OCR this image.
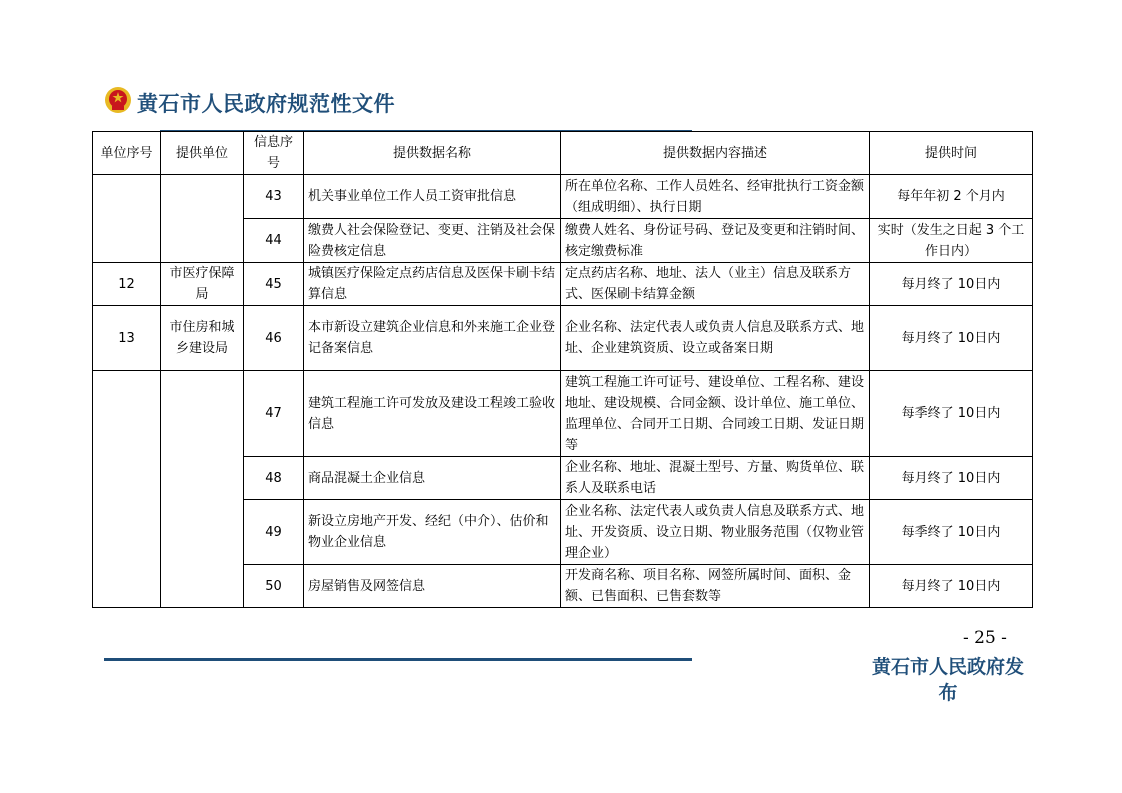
黄石市人民政府规范性文件
单位序号	提供单位	信息序号	提供数据名称	提供数据内容描述	提供时间
		43	机关事业单位工作人员工资审批信息	所在单位名称、工作人员姓名、经审批执行工资金额（组成明细）、执行日期	每年年初 2 个月内
		44	缴费人社会保险登记、变更、注销及社会保险费核定信息	缴费人姓名、身份证号码、登记及变更和注销时间、核定缴费标准	实时（发生之日起 3 个工作日内）
12	市医疗保障局	45	城镇医疗保险定点药店信息及医保卡刷卡结算信息	定点药店名称、地址、法人（业主）信息及联系方式、医保刷卡结算金额	每月终了 10日内
13	市住房和城乡建设局	46	本市新设立建筑企业信息和外来施工企业登记备案信息	企业名称、法定代表人或负责人信息及联系方式、地址、企业建筑资质、设立或备案日期	每月终了 10日内
		47	建筑工程施工许可发放及建设工程竣工验收信息	建筑工程施工许可证号、建设单位、工程名称、建设地址、建设规模、合同金额、设计单位、施工单位、监理单位、合同开工日期、合同竣工日期、发证日期等	每季终了 10日内
		48	商品混凝土企业信息	企业名称、地址、混凝土型号、方量、购货单位、联系人及联系电话	每月终了 10日内
		49	新设立房地产开发、经纪（中介）、估价和物业企业信息	企业名称、法定代表人或负责人信息及联系方式、地址、开发资质、设立日期、物业服务范围（仅物业管理企业）	每季终了 10日内
		50	房屋销售及网签信息	开发商名称、项目名称、网签所属时间、面积、金额、已售面积、已售套数等	每月终了 10日内
- 25 -
黄石市人民政府发布
